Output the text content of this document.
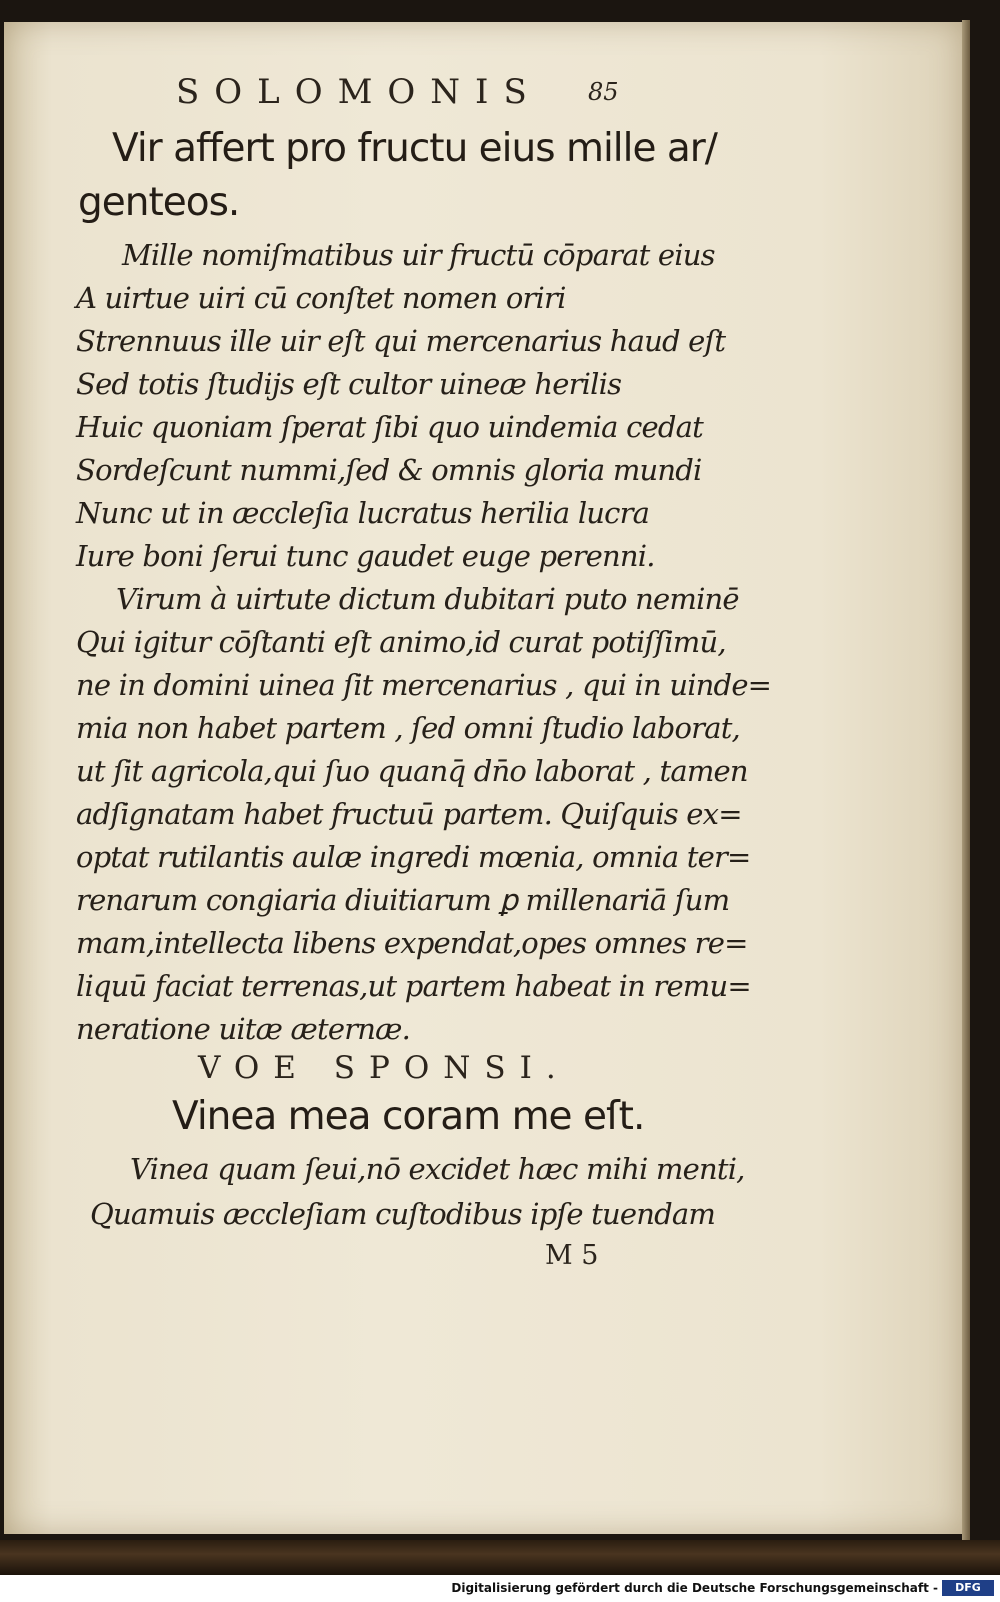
SOLOMONIS 85
Vir affert pro fructu eius mille ar/
genteos.
Mille nomiſmatibus uir fructū cōparat eius
A uirtue uiri cū conſtet nomen oriri
Strennuus ille uir eſt qui mercenarius haud eſt
Sed totis ſtudijs eſt cultor uineæ herilis
Huic quoniam ſperat ſibi quo uindemia cedat
Sordeſcunt nummi,ſed & omnis gloria mundi
Nunc ut in æccleſia lucratus herilia lucra
Iure boni ſerui tunc gaudet euge perenni.
Virum à uirtute dictum dubitari puto neminē
Qui igitur cōſtanti eſt animo,id curat potiſſimū,
ne in domini uinea ſit mercenarius , qui in uinde=
mia non habet partem , ſed omni ſtudio laborat,
ut ſit agricola,qui ſuo quanq̄ dn̄o laborat , tamen
adſignatam habet fructuū partem. Quiſquis ex=
optat rutilantis aulæ ingredi mœnia, omnia ter=
renarum congiaria diuitiarum ꝑ millenariā ſum
mam,intellecta libens expendat,opes omnes re=
liquū faciat terrenas,ut partem habeat in remu=
neratione uitæ æternæ.
VOE SPONSI.
Vinea mea coram me eſt.
Vinea quam ſeui,nō excidet hæc mihi menti,
Quamuis æccleſiam cuſtodibus ipſe tuendam
M 5
Digitalisierung gefördert durch die Deutsche Forschungsgemeinschaft -	DFG
